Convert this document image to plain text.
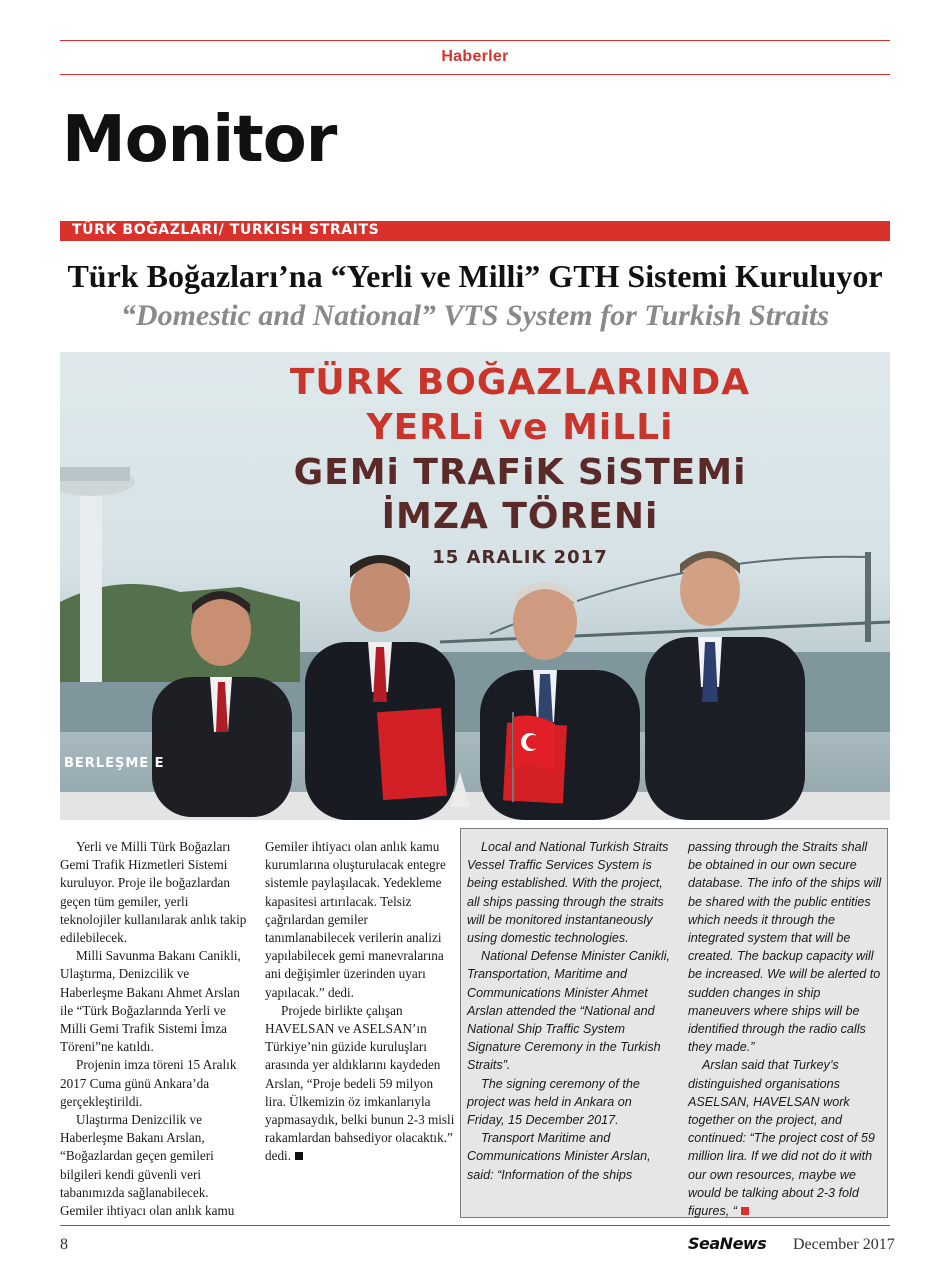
Haberler
Monitor
TÜRK BOĞAZLARI/ TURKISH STRAITS
Türk Boğazları’na “Yerli ve Milli” GTH Sistemi Kuruluyor
“Domestic and National” VTS System for Turkish Straits
TÜRK BOĞAZLARINDA
YERLi ve MiLLi
GEMi TRAFiK SiSTEMi
İMZA TÖRENi
15 ARALIK 2017
BERLEŞME E

Yerli ve Milli Türk Boğazları Gemi Trafik Hizmetleri Sistemi kuruluyor. Proje ile boğazlardan geçen tüm gemiler, yerli teknolojiler kullanılarak anlık takip edilebilecek.

Milli Savunma Bakanı Canikli, Ulaştırma, Denizcilik ve Haberleşme Bakanı Ahmet Arslan ile “Türk Boğazlarında Yerli ve Milli Gemi Trafik Sistemi İmza Töreni”ne katıldı.

Projenin imza töreni 15 Aralık 2017 Cuma günü Ankara’da gerçekleştirildi.

Ulaştırma Denizcilik ve Haberleşme Bakanı Arslan, “Boğazlardan geçen gemileri bilgileri kendi güvenli veri tabanımızda sağlanabilecek. Gemiler ihtiyacı olan anlık kamu

Gemiler ihtiyacı olan anlık kamu kurumlarına oluşturulacak entegre sistemle paylaşılacak. Yedekleme kapasitesi artırılacak. Telsiz çağrılardan gemiler tanımlanabilecek verilerin analizi yapılabilecek gemi manevralarına ani değişimler üzerinden uyarı yapılacak.” dedi.

Projede birlikte çalışan HAVELSAN ve ASELSAN’ın Türkiye’nin güzide kuruluşları arasında yer aldıklarını kaydeden Arslan, “Proje bedeli 59 milyon lira. Ülkemizin öz imkanlarıyla yapmasaydık, belki bunun 2-3 misli rakamlardan bahsediyor olacaktık.” dedi.

Local and National Turkish Straits Vessel Traffic Services System is being established. With the project, all ships passing through the straits will be monitored instantaneously using domestic technologies.

National Defense Minister Canikli, Transportation, Maritime and Communications Minister Ahmet Arslan attended the “National and National Ship Traffic System Signature Ceremony in the Turkish Straits”.

The signing ceremony of the project was held in Ankara on Friday, 15 December 2017.

Transport Maritime and Communications Minister Arslan, said: “Information of the ships

passing through the Straits shall be obtained in our own secure database. The info of the ships will be shared with the public entities which needs it through the integrated system that will be created. The backup capacity will be increased. We will be alerted to sudden changes in ship maneuvers where ships will be identified through the radio calls they made.”

Arslan said that Turkey’s distinguished organisations ASELSAN, HAVELSAN work together on the project, and continued: “The project cost of 59 million lira. If we did not do it with our own resources, maybe we would be talking about 2-3 fold figures, “

8	SeaNews December 2017
